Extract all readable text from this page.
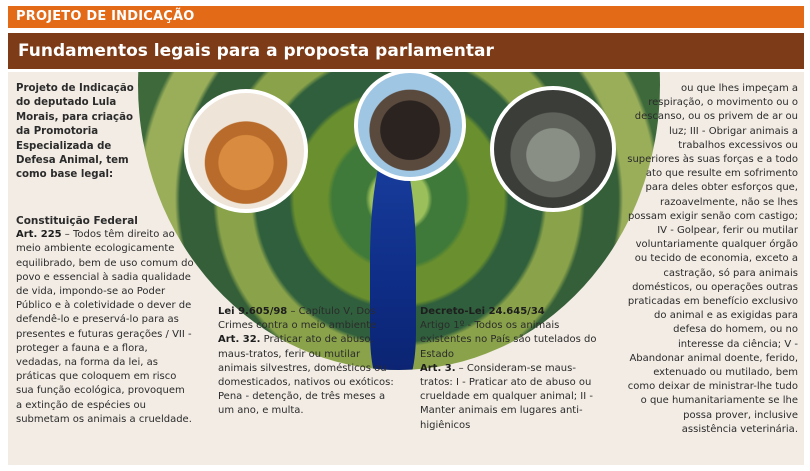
PROJETO DE INDICAÇÃO
Fundamentos legais para a proposta parlamentar
Projeto de Indicação do deputado Lula Morais, para criação da Promotoria Especializada de Defesa Animal, tem como base legal:
Constituição Federal
Art. 225 – Todos têm direito ao meio ambiente ecologicamente equilibrado, bem de uso comum do povo e essencial à sadia qualidade de vida, impondo-se ao Poder Público e à coletividade o dever de defendê-lo e preservá-lo para as presentes e futuras gerações / VII - proteger a fauna e a flora, vedadas, na forma da lei, as práticas que coloquem em risco sua função ecológica, provoquem a extinção de espécies ou submetam os animais a crueldade.
Lei 9.605/98 – Capítulo V, Dos Crimes contra o meio ambiente
Art. 32. Praticar ato de abuso, maus-tratos, ferir ou mutilar animais silvestres, domésticos ou domesticados, nativos ou exóticos: Pena - detenção, de três meses a um ano, e multa.
Decreto-Lei 24.645/34
Artigo 1º - Todos os animais existentes no País são tutelados do Estado
Art. 3. – Consideram-se maus-tratos: I - Praticar ato de abuso ou crueldade em qualquer animal; II - Manter animais em lugares anti-higiênicos
ou que lhes impeçam a respiração, o movimento ou o descanso, ou os privem de ar ou luz; III - Obrigar animais a trabalhos excessivos ou superiores às suas forças e a todo ato que resulte em sofrimento para deles obter esforços que, razoavelmente, não se lhes possam exigir senão com castigo; IV - Golpear, ferir ou mutilar voluntariamente qualquer órgão ou tecido de economia, exceto a castração, só para animais domésticos, ou operações outras praticadas em benefício exclusivo do animal e as exigidas para defesa do homem, ou no interesse da ciência; V - Abandonar animal doente, ferido, extenuado ou mutilado, bem como deixar de ministrar-lhe tudo o que humanitariamente se lhe possa prover, inclusive assistência veterinária.
